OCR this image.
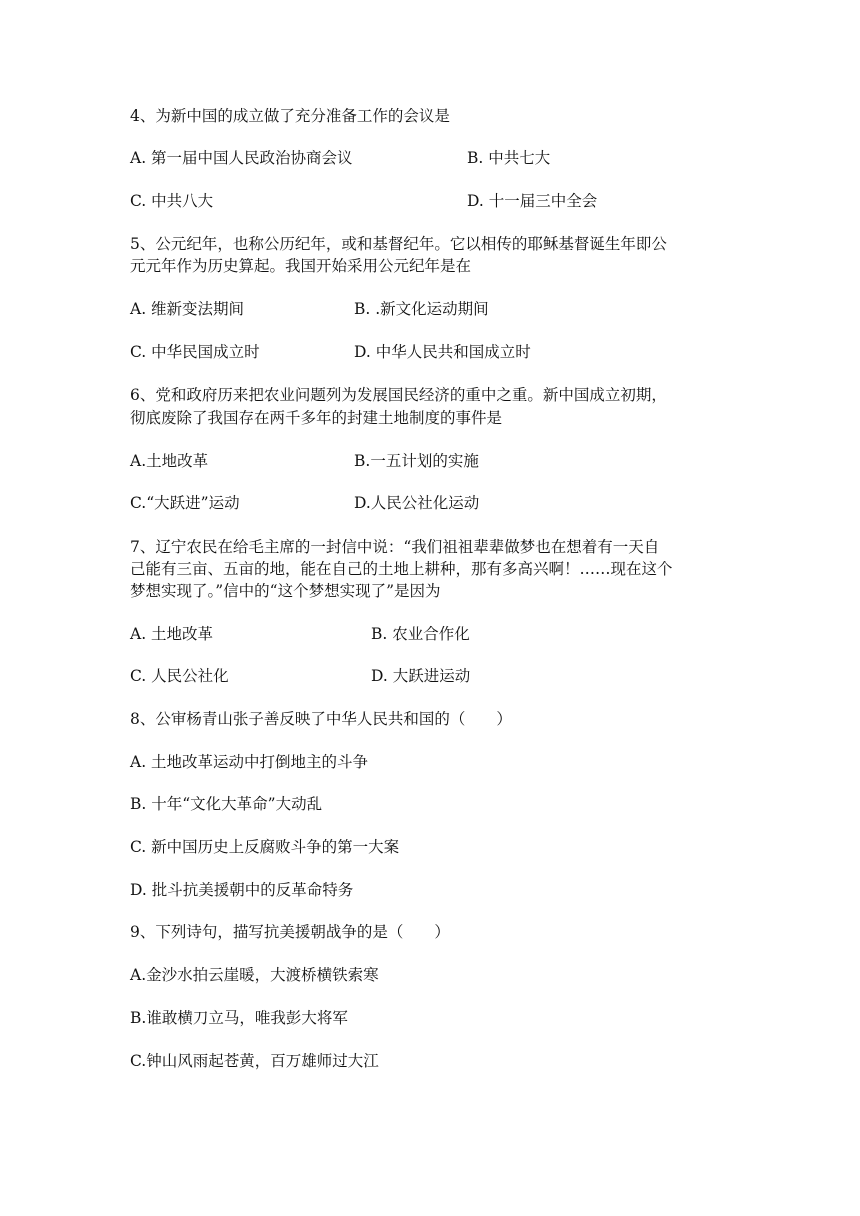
4、为新中国的成立做了充分准备工作的会议是
A. 第一届中国人民政治协商会议	B. 中共七大
C. 中共八大	D. 十一届三中全会
5、公元纪年，也称公历纪年，或和基督纪年。它以相传的耶稣基督诞生年即公
元元年作为历史算起。我国开始采用公元纪年是在
A. 维新变法期间	B. .新文化运动期间
C. 中华民国成立时	D. 中华人民共和国成立时
6、党和政府历来把农业问题列为发展国民经济的重中之重。新中国成立初期，
彻底废除了我国存在两千多年的封建土地制度的事件是
A.土地改革	B.一五计划的实施
C.“大跃进”运动	D.人民公社化运动
7、辽宁农民在给毛主席的一封信中说：“我们祖祖辈辈做梦也在想着有一天自
己能有三亩、五亩的地，能在自己的土地上耕种，那有多高兴啊！……现在这个
梦想实现了。”信中的“这个梦想实现了”是因为
A. 土地改革	B. 农业合作化
C. 人民公社化	D. 大跃进运动
8、公审杨青山张子善反映了中华人民共和国的（　　）
A. 土地改革运动中打倒地主的斗争
B. 十年“文化大革命”大动乱
C. 新中国历史上反腐败斗争的第一大案
D. 批斗抗美援朝中的反革命特务
9、下列诗句，描写抗美援朝战争的是（　　）
A.金沙水拍云崖暖，大渡桥横铁索寒
B.谁敢横刀立马，唯我彭大将军
C.钟山风雨起苍黄，百万雄师过大江
